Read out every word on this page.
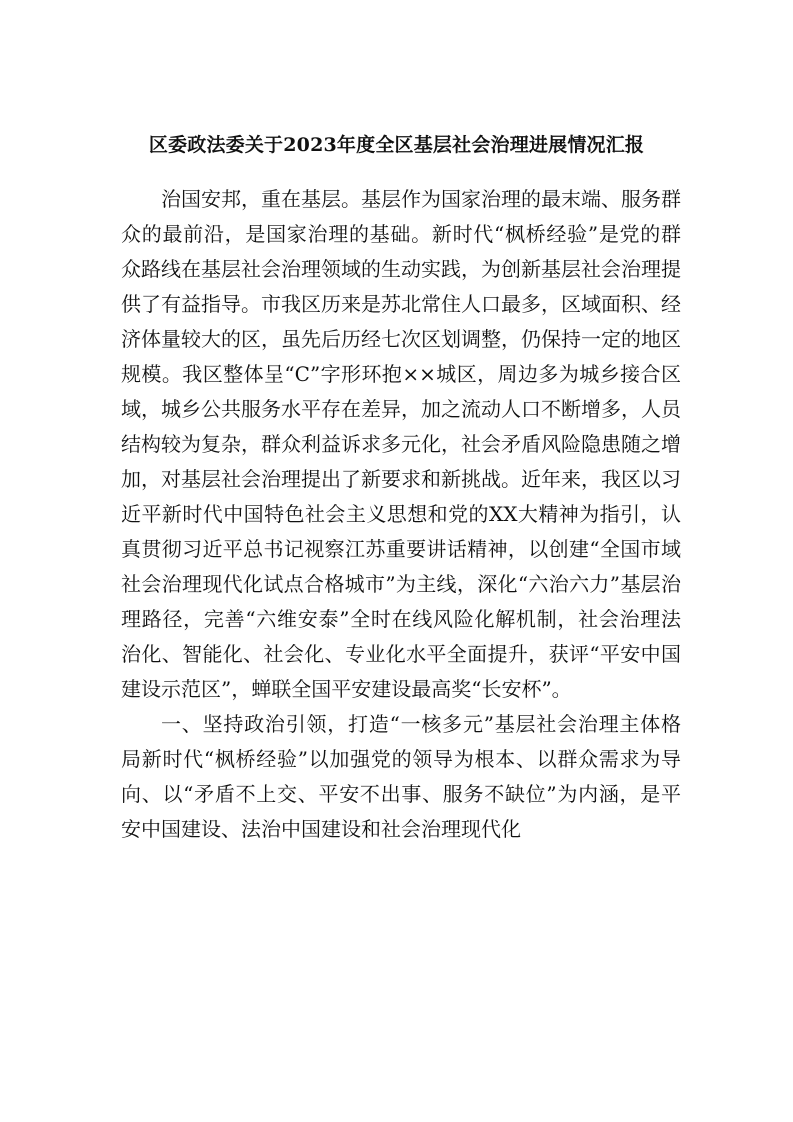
区委政法委关于2023年度全区基层社会治理进展情况汇报

治国安邦，重在基层。基层作为国家治理的最末端、服务群众的最前沿，是国家治理的基础。新时代“枫桥经验”是党的群众路线在基层社会治理领域的生动实践，为创新基层社会治理提供了有益指导。市我区历来是苏北常住人口最多，区域面积、经济体量较大的区，虽先后历经七次区划调整，仍保持一定的地区规模。我区整体呈“C”字形环抱××城区，周边多为城乡接合区域，城乡公共服务水平存在差异，加之流动人口不断增多，人员结构较为复杂，群众利益诉求多元化，社会矛盾风险隐患随之增加，对基层社会治理提出了新要求和新挑战。近年来，我区以习近平新时代中国特色社会主义思想和党的XX大精神为指引，认真贯彻习近平总书记视察江苏重要讲话精神，以创建“全国市域社会治理现代化试点合格城市”为主线，深化“六治六力”基层治理路径，完善“六维安泰”全时在线风险化解机制，社会治理法治化、智能化、社会化、专业化水平全面提升，获评“平安中国建设示范区”，蝉联全国平安建设最高奖“长安杯”。

一、坚持政治引领，打造“一核多元”基层社会治理主体格局新时代“枫桥经验”以加强党的领导为根本、以群众需求为导向、以“矛盾不上交、平安不出事、服务不缺位”为内涵，是平安中国建设、法治中国建设和社会治理现代化
